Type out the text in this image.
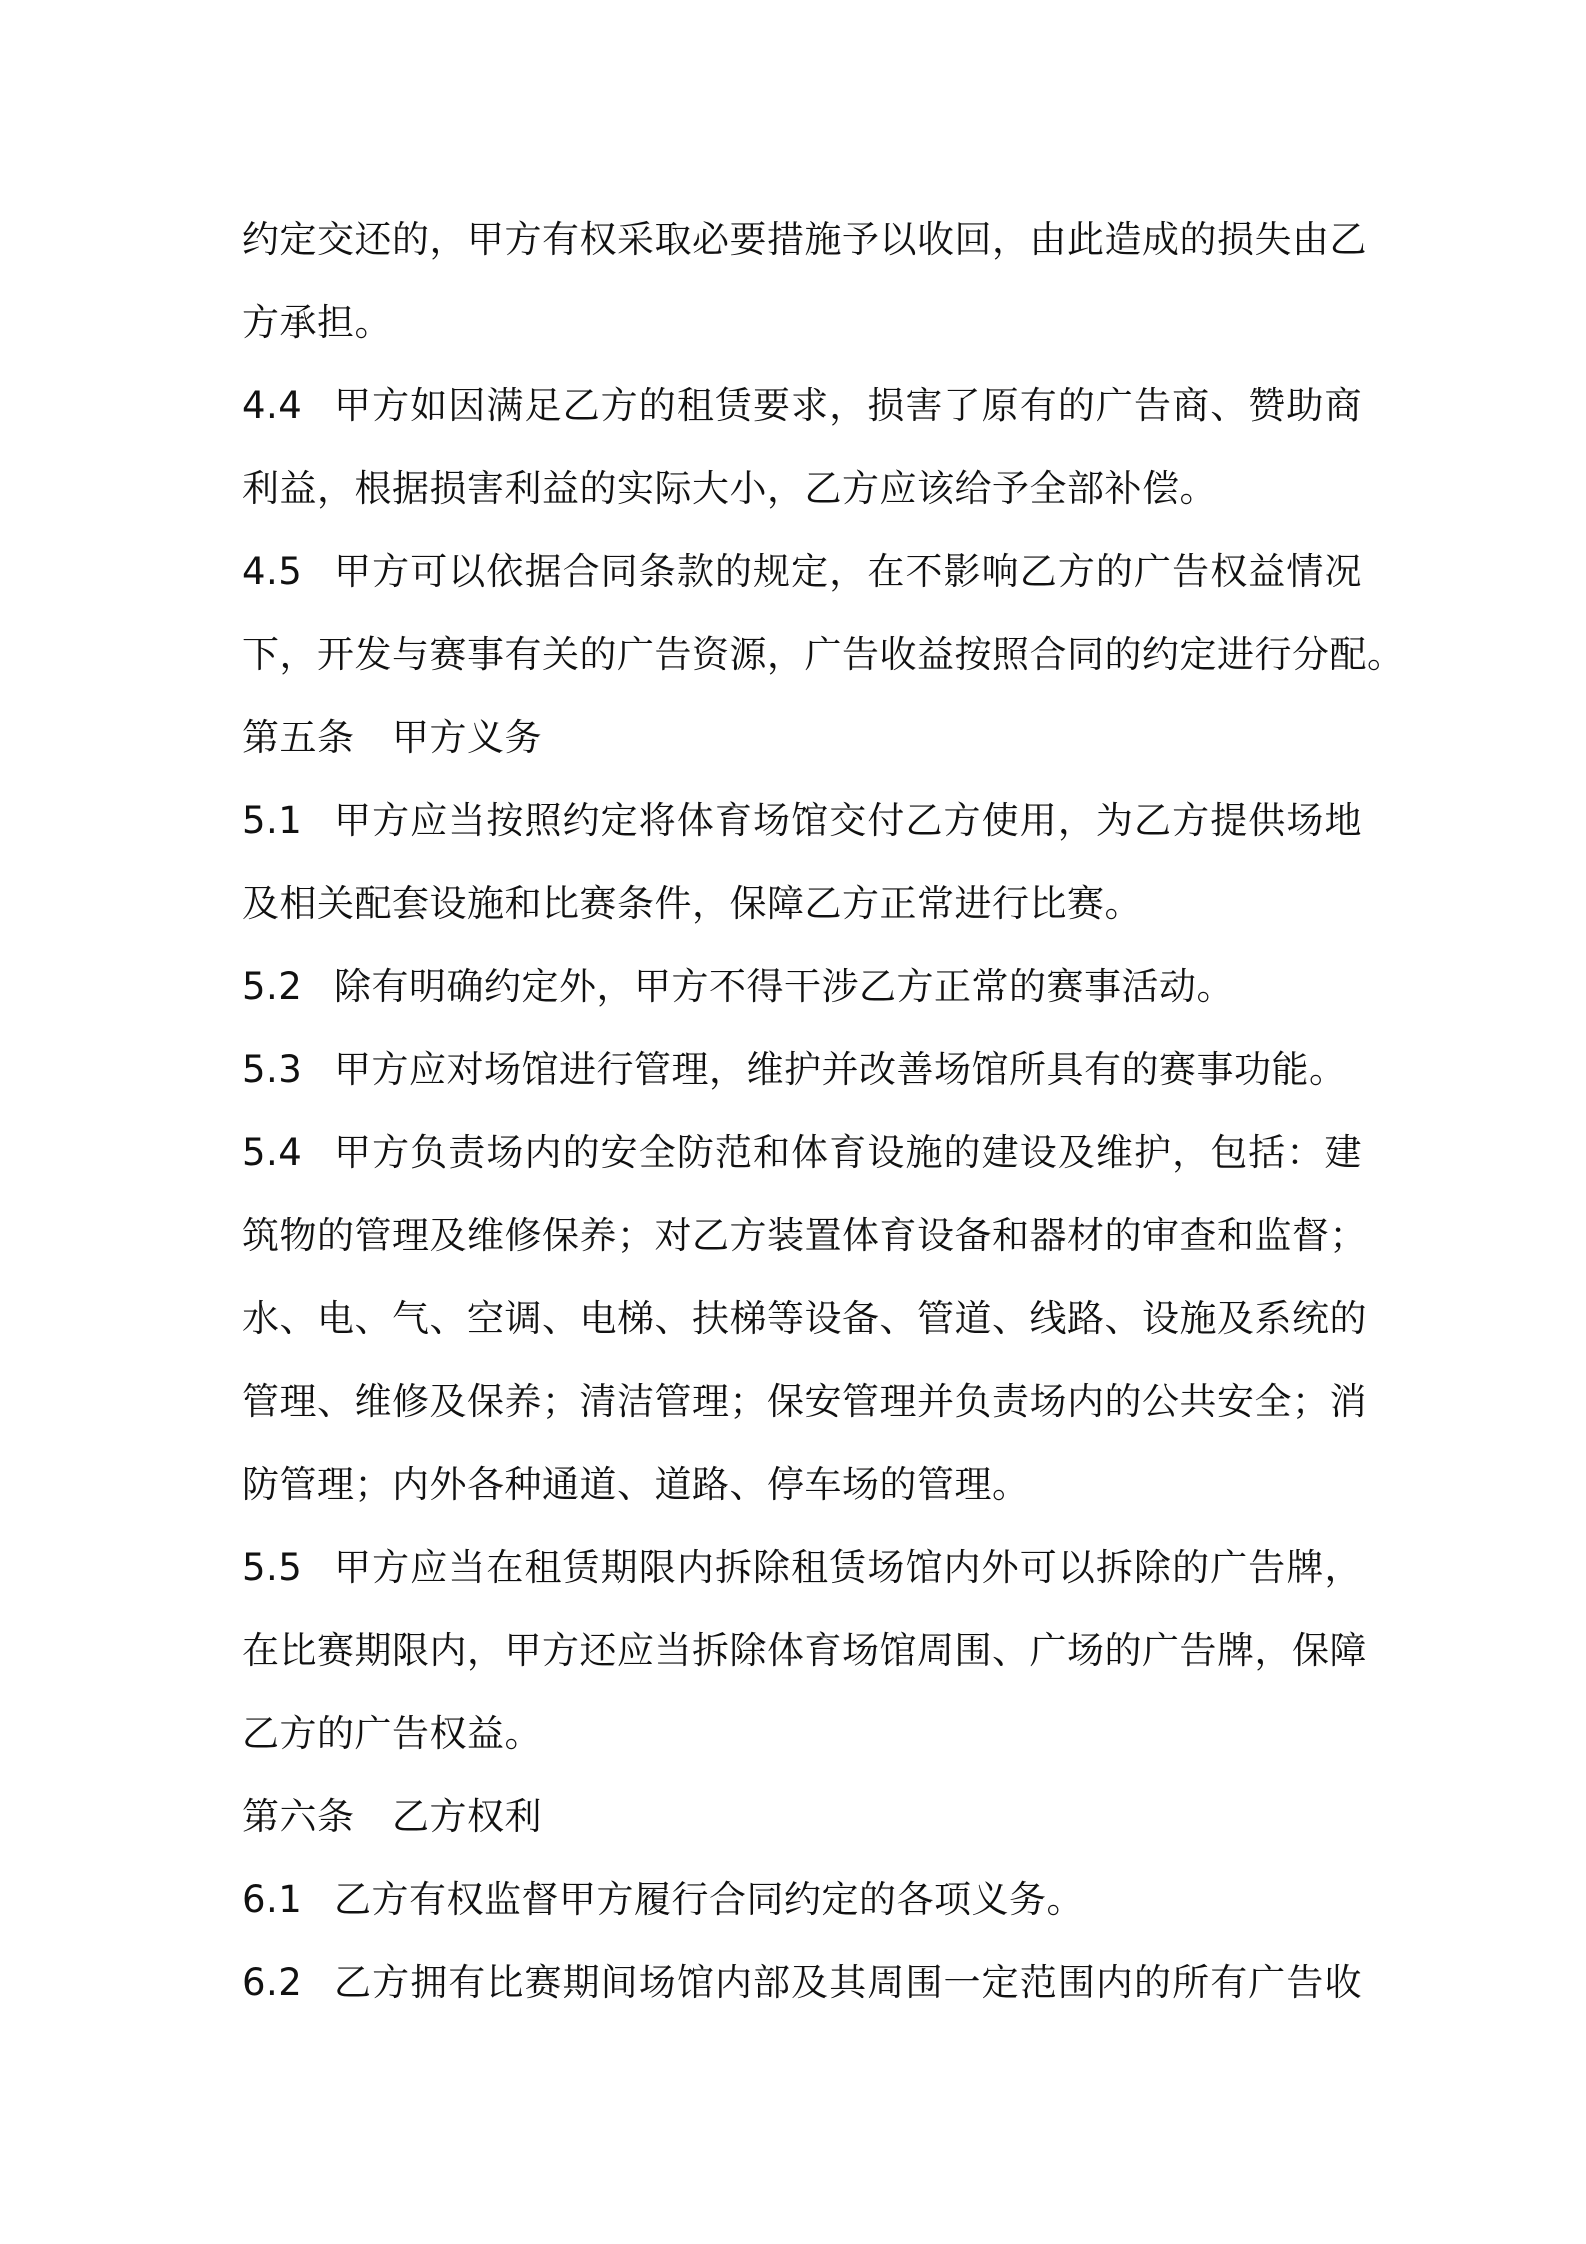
约定交还的，甲方有权采取必要措施予以收回，由此造成的损失由乙
方承担。
4.4 甲方如因满足乙方的租赁要求，损害了原有的广告商、赞助商
利益，根据损害利益的实际大小，乙方应该给予全部补偿。
4.5 甲方可以依据合同条款的规定，在不影响乙方的广告权益情况
下，开发与赛事有关的广告资源，广告收益按照合同的约定进行分配。
第五条 甲方义务
5.1 甲方应当按照约定将体育场馆交付乙方使用，为乙方提供场地
及相关配套设施和比赛条件，保障乙方正常进行比赛。
5.2 除有明确约定外，甲方不得干涉乙方正常的赛事活动。
5.3 甲方应对场馆进行管理，维护并改善场馆所具有的赛事功能。
5.4 甲方负责场内的安全防范和体育设施的建设及维护，包括：建
筑物的管理及维修保养；对乙方装置体育设备和器材的审查和监督；
水、电、气、空调、电梯、扶梯等设备、管道、线路、设施及系统的
管理、维修及保养；清洁管理；保安管理并负责场内的公共安全；消
防管理；内外各种通道、道路、停车场的管理。
5.5 甲方应当在租赁期限内拆除租赁场馆内外可以拆除的广告牌，
在比赛期限内，甲方还应当拆除体育场馆周围、广场的广告牌，保障
乙方的广告权益。
第六条 乙方权利
6.1 乙方有权监督甲方履行合同约定的各项义务。
6.2 乙方拥有比赛期间场馆内部及其周围一定范围内的所有广告收
